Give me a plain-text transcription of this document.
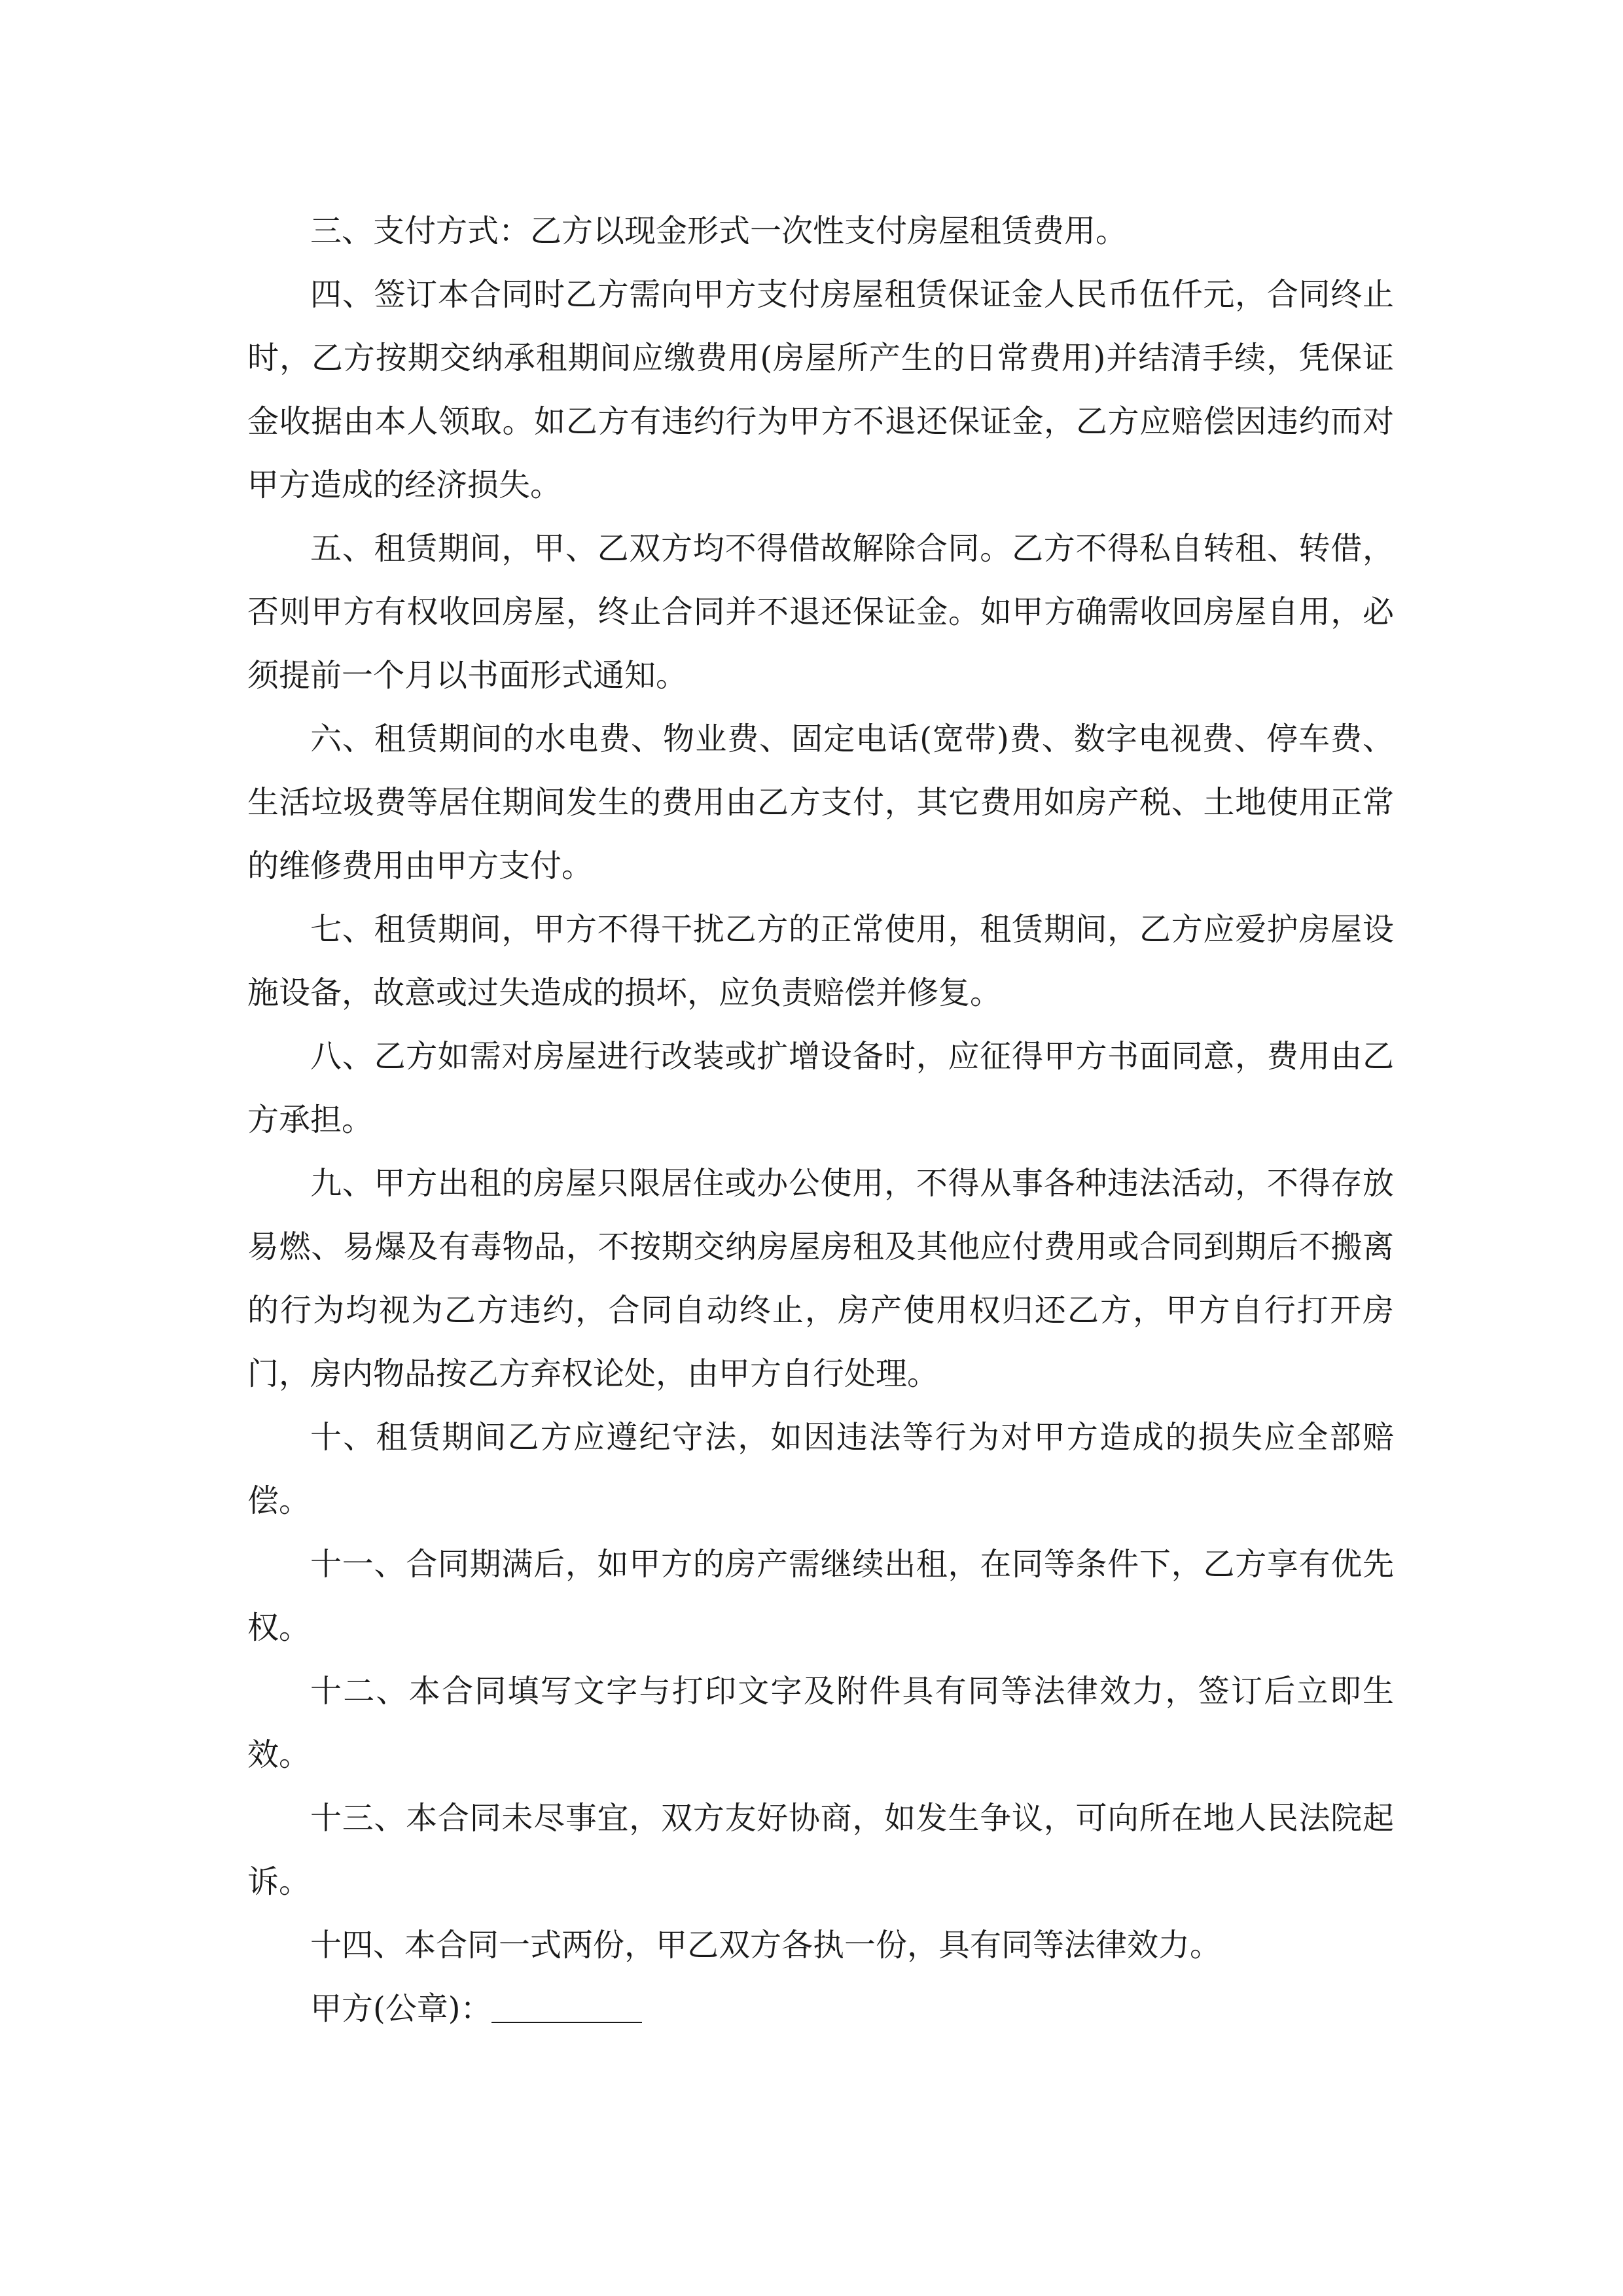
三、支付方式：乙方以现金形式一次性支付房屋租赁费用。

四、签订本合同时乙方需向甲方支付房屋租赁保证金人民币伍仟元，合同终止时，乙方按期交纳承租期间应缴费用(房屋所产生的日常费用)并结清手续，凭保证金收据由本人领取。如乙方有违约行为甲方不退还保证金，乙方应赔偿因违约而对甲方造成的经济损失。

五、租赁期间，甲、乙双方均不得借故解除合同。乙方不得私自转租、转借，否则甲方有权收回房屋，终止合同并不退还保证金。如甲方确需收回房屋自用，必须提前一个月以书面形式通知。

六、租赁期间的水电费、物业费、固定电话(宽带)费、数字电视费、停车费、生活垃圾费等居住期间发生的费用由乙方支付，其它费用如房产税、土地使用正常的维修费用由甲方支付。

七、租赁期间，甲方不得干扰乙方的正常使用，租赁期间，乙方应爱护房屋设施设备，故意或过失造成的损坏，应负责赔偿并修复。

八、乙方如需对房屋进行改装或扩增设备时，应征得甲方书面同意，费用由乙方承担。

九、甲方出租的房屋只限居住或办公使用，不得从事各种违法活动，不得存放易燃、易爆及有毒物品，不按期交纳房屋房租及其他应付费用或合同到期后不搬离的行为均视为乙方违约，合同自动终止，房产使用权归还乙方，甲方自行打开房门，房内物品按乙方弃权论处，由甲方自行处理。

十、租赁期间乙方应遵纪守法，如因违法等行为对甲方造成的损失应全部赔偿。

十一、合同期满后，如甲方的房产需继续出租，在同等条件下，乙方享有优先权。

十二、本合同填写文字与打印文字及附件具有同等法律效力，签订后立即生效。

十三、本合同未尽事宜，双方友好协商，如发生争议，可向所在地人民法院起诉。

十四、本合同一式两份，甲乙双方各执一份，具有同等法律效力。

甲方(公章)：
